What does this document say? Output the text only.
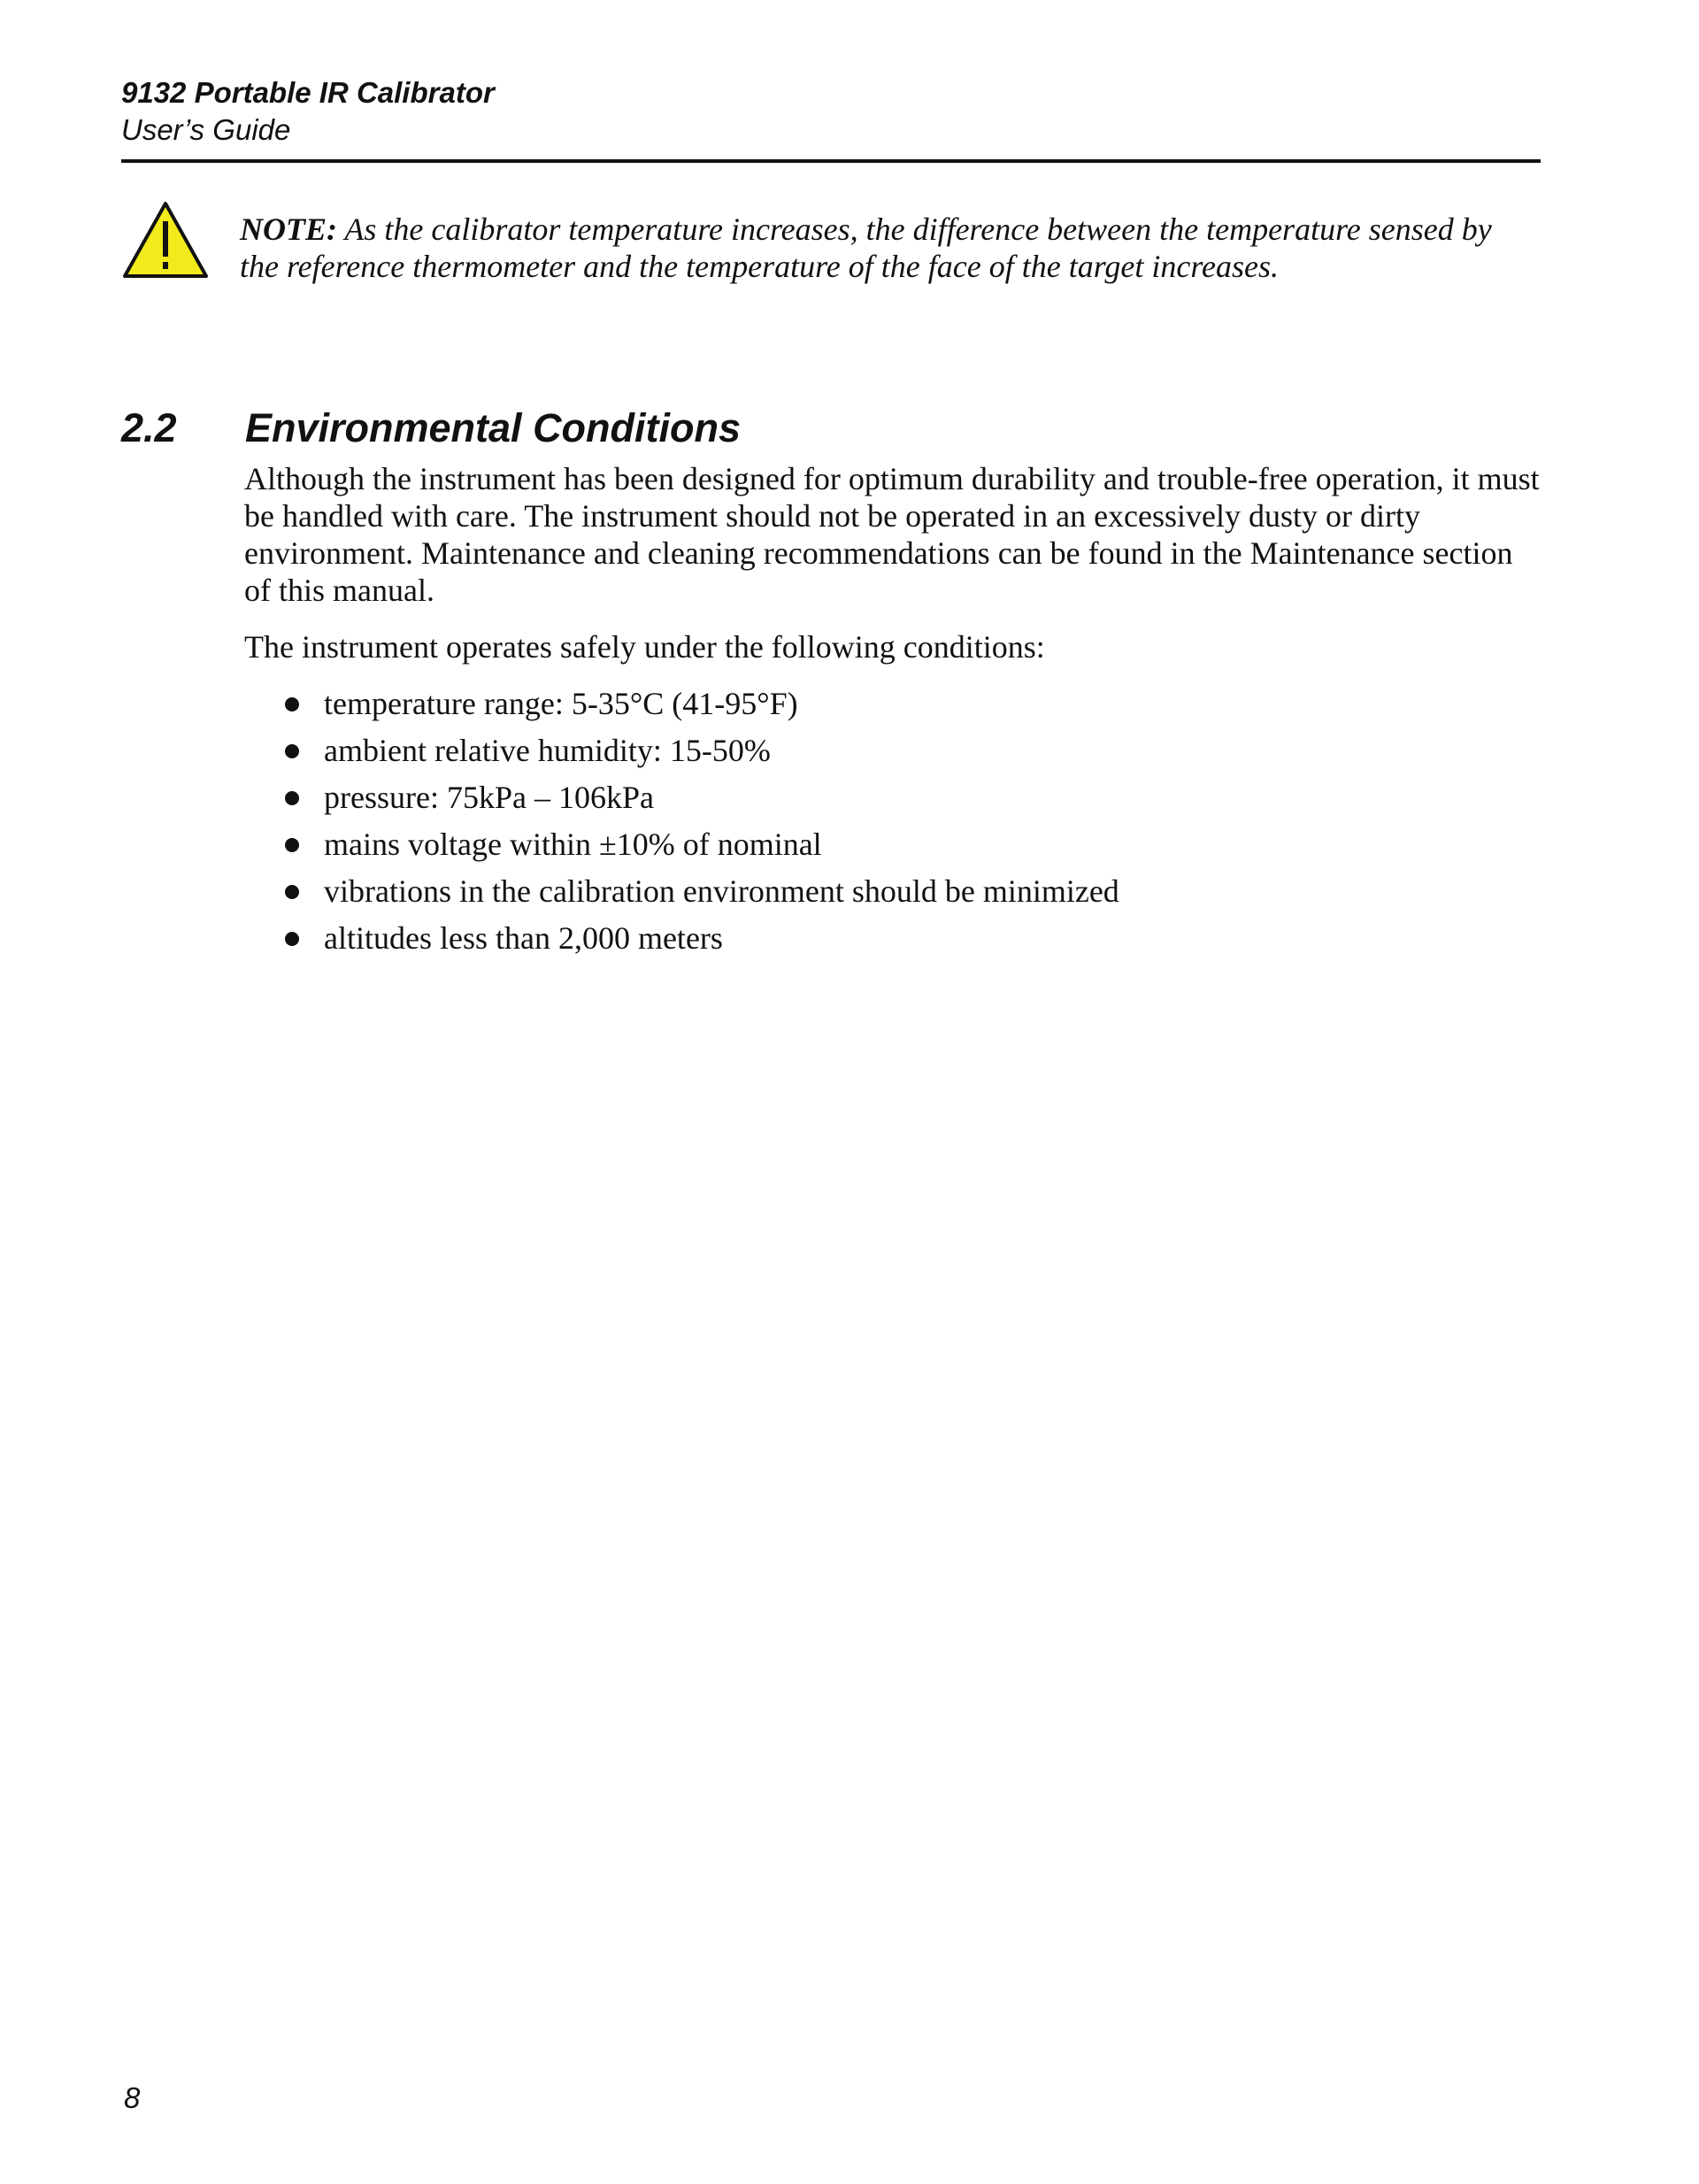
9132 Portable IR Calibrator

User’s Guide

NOTE: As the calibrator temperature increases, the difference between the temperature sensed by the reference thermometer and the temperature of the face of the target increases.

2.2 Environmental Conditions

Although the instrument has been designed for optimum durability and trouble-free operation, it must be handled with care. The instrument should not be operated in an excessively dusty or dirty environment. Maintenance and cleaning recommendations can be found in the Maintenance section of this manual.

The instrument operates safely under the following conditions:

temperature range: 5-35°C (41-95°F)
ambient relative humidity: 15-50%
pressure: 75kPa – 106kPa
mains voltage within ±10% of nominal
vibrations in the calibration environment should be minimized
altitudes less than 2,000 meters

8
